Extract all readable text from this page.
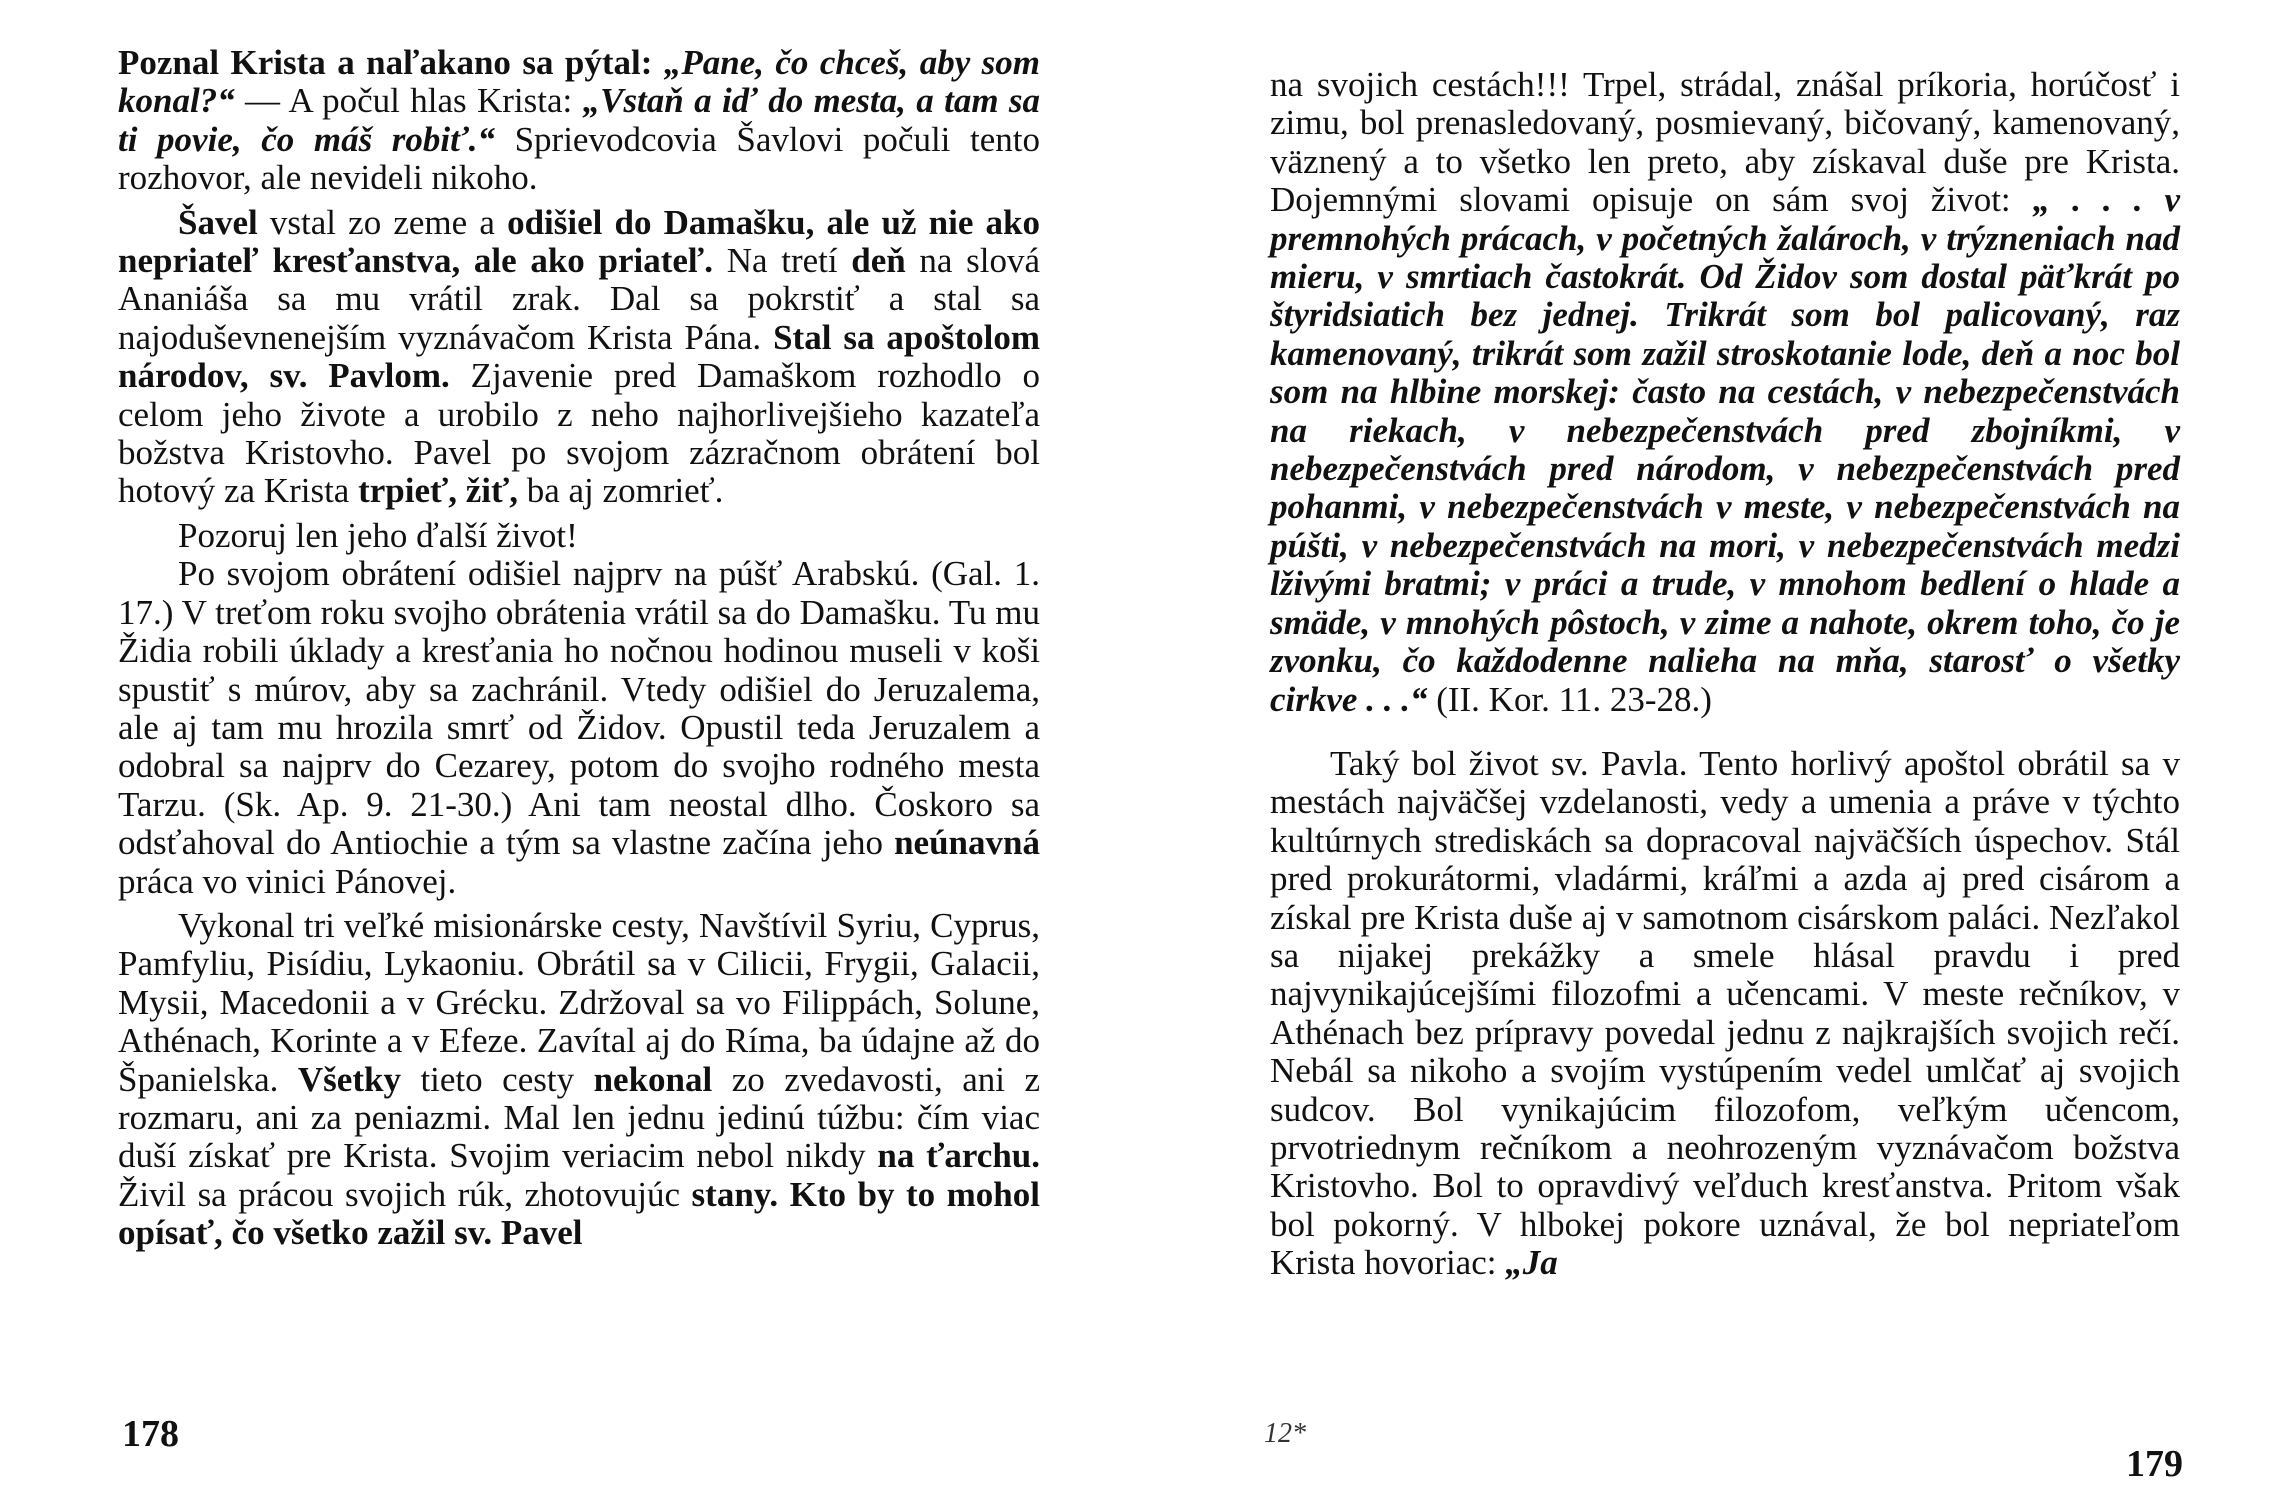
Poznal Krista a naľakano sa pýtal: „Pane, čo chceš, aby som konal?“ — A počul hlas Krista: „Vstaň a iď do mesta, a tam sa ti povie, čo máš robiť.“ Sprievodcovia Šavlovi počuli tento rozhovor, ale nevideli nikoho.

Šavel vstal zo zeme a odišiel do Damašku, ale už nie ako nepriateľ kresťanstva, ale ako priateľ. Na tretí deň na slová Ananiáša sa mu vrátil zrak. Dal sa pokrstiť a stal sa najoduševnenejším vyznávačom Krista Pána. Stal sa apoštolom národov, sv. Pavlom. Zjavenie pred Damaškom rozhodlo o celom jeho živote a urobilo z neho najhorlivejšieho kazateľa božstva Kristovho. Pavel po svojom zázračnom obrátení bol hotový za Krista trpieť, žiť, ba aj zomrieť.

Pozoruj len jeho ďalší život!

Po svojom obrátení odišiel najprv na púšť Arabskú. (Gal. 1. 17.) V treťom roku svojho obrátenia vrátil sa do Damašku. Tu mu Židia robili úklady a kresťania ho nočnou hodinou museli v koši spustiť s múrov, aby sa zachránil. Vtedy odišiel do Jeruzalema, ale aj tam mu hrozila smrť od Židov. Opustil teda Jeruzalem a odobral sa najprv do Cezarey, potom do svojho rodného mesta Tarzu. (Sk. Ap. 9. 21-30.) Ani tam neostal dlho. Čoskoro sa odsťahoval do Antiochie a tým sa vlastne začína jeho neúnavná práca vo vinici Pánovej.

Vykonal tri veľké misionárske cesty, Navštívil Syriu, Cyprus, Pamfyliu, Pisídiu, Lykaoniu. Obrátil sa v Cilicii, Frygii, Galacii, Mysii, Macedonii a v Grécku. Zdržoval sa vo Filippách, Solune, Athénach, Korinte a v Efeze. Zavítal aj do Ríma, ba údajne až do Španielska. Všetky tieto cesty nekonal zo zvedavosti, ani z rozmaru, ani za peniazmi. Mal len jednu jedinú túžbu: čím viac duší získať pre Krista. Svojim veriacim nebol nikdy na ťarchu. Živil sa prácou svojich rúk, zhotovujúc stany. Kto by to mohol opísať, čo všetko zažil sv. Pavel

178

na svojich cestách!!! Trpel, strádal, znášal príkoria, horúčosť i zimu, bol prenasledovaný, posmievaný, bičovaný, kamenovaný, väznený a to všetko len preto, aby získaval duše pre Krista. Dojemnými slovami opisuje on sám svoj život: „ . . . v premnohých prácach, v početných žalároch, v trýzneniach nad mieru, v smrtiach častokrát. Od Židov som dostal päťkrát po štyridsiatich bez jednej. Trikrát som bol palicovaný, raz kamenovaný, trikrát som zažil stroskotanie lode, deň a noc bol som na hlbine morskej: často na cestách, v nebezpečenstvách na riekach, v nebezpečenstvách pred zbojníkmi, v nebezpečenstvách pred národom, v nebezpečenstvách pred pohanmi, v nebezpečenstvách v meste, v nebezpečenstvách na púšti, v nebezpečenstvách na mori, v nebezpečenstvách medzi lživými bratmi; v práci a trude, v mnohom bedlení o hlade a smäde, v mnohých pôstoch, v zime a nahote, okrem toho, čo je zvonku, čo každodenne nalieha na mňa, starosť o všetky cirkve . . .“ (II. Kor. 11. 23-28.)

Taký bol život sv. Pavla. Tento horlivý apoštol obrátil sa v mestách najväčšej vzdelanosti, vedy a umenia a práve v týchto kultúrnych strediskách sa dopracoval najväčších úspechov. Stál pred prokurátormi, vladármi, kráľmi a azda aj pred cisárom a získal pre Krista duše aj v samotnom cisárskom paláci. Nezľakol sa nijakej prekážky a smele hlásal pravdu i pred najvynikajúcejšími filozofmi a učencami. V meste rečníkov, v Athénach bez prípravy povedal jednu z najkrajších svojich rečí. Nebál sa nikoho a svojím vystúpením vedel umlčať aj svojich sudcov. Bol vynikajúcim filozofom, veľkým učencom, prvotriednym rečníkom a neohrozeným vyznávačom božstva Kristovho. Bol to opravdivý veľduch kresťanstva. Pritom však bol pokorný. V hlbokej pokore uznával, že bol nepriateľom Krista hovoriac: „Ja

12*
179
